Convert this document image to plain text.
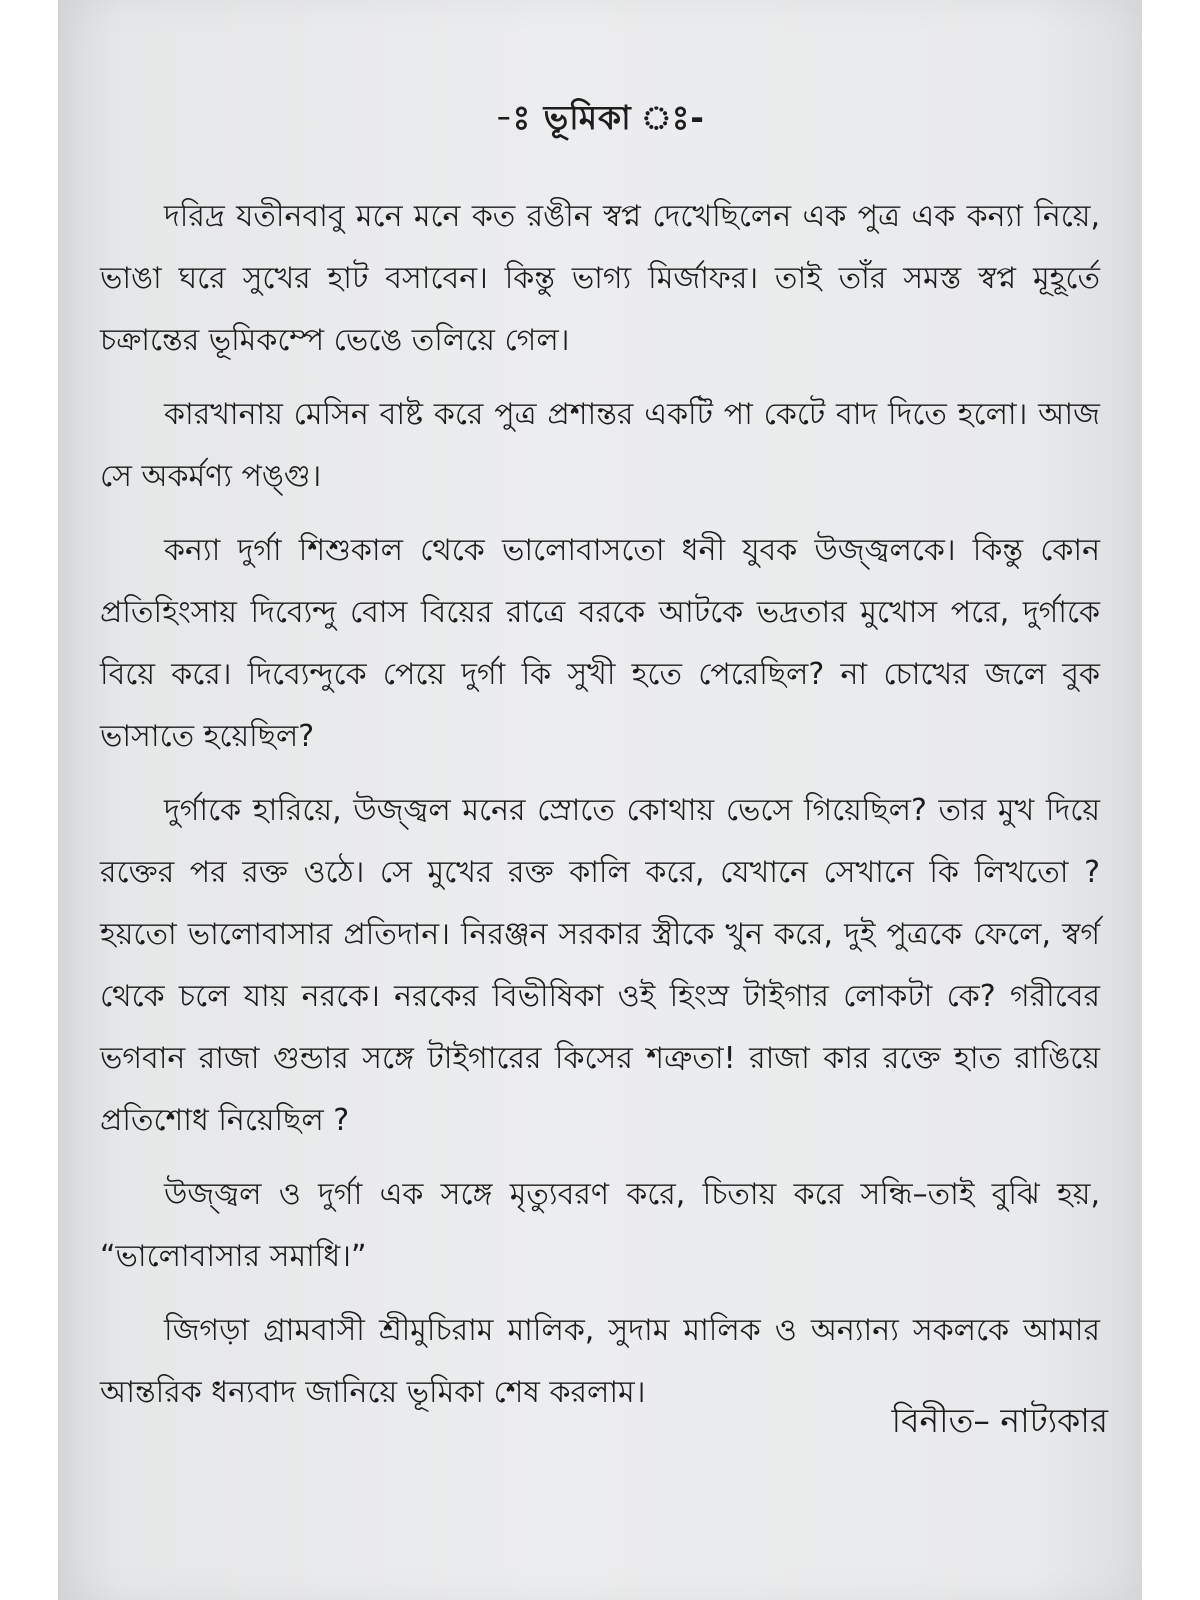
-ঃ ভূমিকা ঃ-

দরিদ্র যতীনবাবু মনে মনে কত রঙীন স্বপ্ন দেখেছিলেন এক পুত্র এক কন্যা নিয়ে, ভাঙা ঘরে সুখের হাট বসাবেন। কিন্তু ভাগ্য মির্জাফর। তাই তাঁর সমস্ত স্বপ্ন মূহূর্তে চক্রান্তের ভূমিকম্পে ভেঙে তলিয়ে গেল।

কারখানায় মেসিন বাষ্ট করে পুত্র প্রশান্তর একটি পা কেটে বাদ দিতে হলো। আজ সে অকর্মণ্য পঙ্গু।

কন্যা দুর্গা শিশুকাল থেকে ভালোবাসতো ধনী যুবক উজ্জ্বলকে। কিন্তু কোন প্রতিহিংসায় দিব্যেন্দু বোস বিয়ের রাত্রে বরকে আটকে ভদ্রতার মুখোস পরে, দুর্গাকে বিয়ে করে। দিব্যেন্দুকে পেয়ে দুর্গা কি সুখী হতে পেরেছিল? না চোখের জলে বুক ভাসাতে হয়েছিল?

দুর্গাকে হারিয়ে, উজ্জ্বল মনের স্রোতে কোথায় ভেসে গিয়েছিল? তার মুখ দিয়ে রক্তের পর রক্ত ওঠে। সে মুখের রক্ত কালি করে, যেখানে সেখানে কি লিখতো ? হয়তো ভালোবাসার প্রতিদান। নিরঞ্জন সরকার স্ত্রীকে খুন করে, দুই পুত্রকে ফেলে, স্বর্গ থেকে চলে যায় নরকে। নরকের বিভীষিকা ওই হিংস্র টাইগার লোকটা কে? গরীবের ভগবান রাজা গুন্ডার সঙ্গে টাইগারের কিসের শত্রুতা! রাজা কার রক্তে হাত রাঙিয়ে প্রতিশোধ নিয়েছিল ?

উজ্জ্বল ও দুর্গা এক সঙ্গে মৃত্যুবরণ করে, চিতায় করে সন্ধি–তাই বুঝি হয়, “ভালোবাসার সমাধি।”

জিগড়া গ্রামবাসী শ্রীমুচিরাম মালিক, সুদাম মালিক ও অন্যান্য সকলকে আমার আন্তরিক ধন্যবাদ জানিয়ে ভূমিকা শেষ করলাম।

বিনীত– নাট্যকার
